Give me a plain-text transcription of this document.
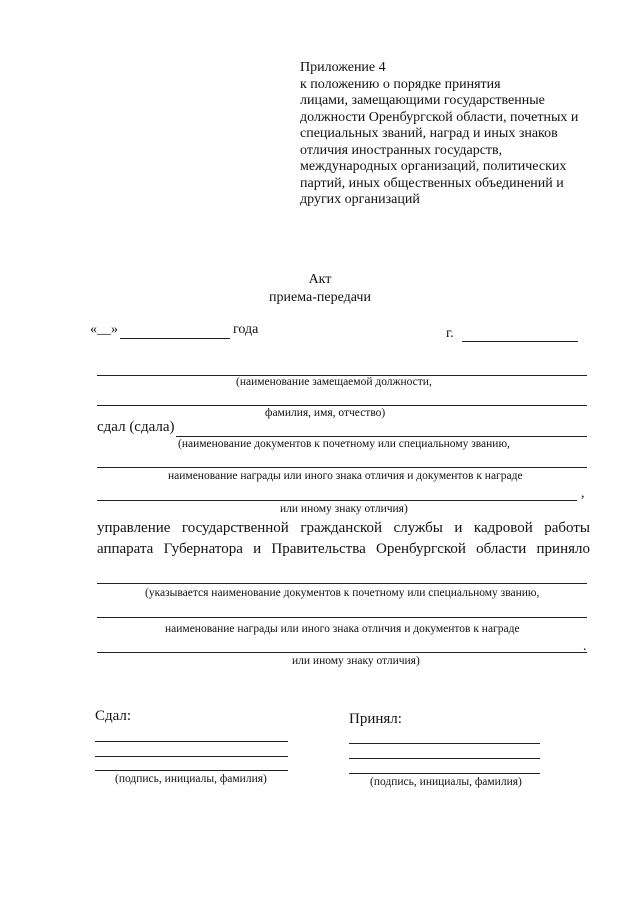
Приложение 4
к положению о порядке принятия
лицами, замещающими государственные
должности Оренбургской области, почетных и
специальных званий, наград и иных знаков
отличия иностранных государств,
международных организаций, политических
партий, иных общественных объединений и
других организаций
Акт
приема-передачи
«__»	года	г.
(наименование замещаемой должности,
фамилия, имя, отчество)
сдал (сдала)
(наименование документов к почетному или специальному званию,
наименование награды или иного знака отличия и документов к награде
,
или иному знаку отличия)
управление государственной гражданской службы и кадровой работы
аппарата Губернатора и Правительства Оренбургской области приняло
(указывается наименование документов к почетному или специальному званию,
наименование награды или иного знака отличия и документов к награде
.
или иному знаку отличия)
Сдал:
(подпись, инициалы, фамилия)
Принял:
(подпись, инициалы, фамилия)
